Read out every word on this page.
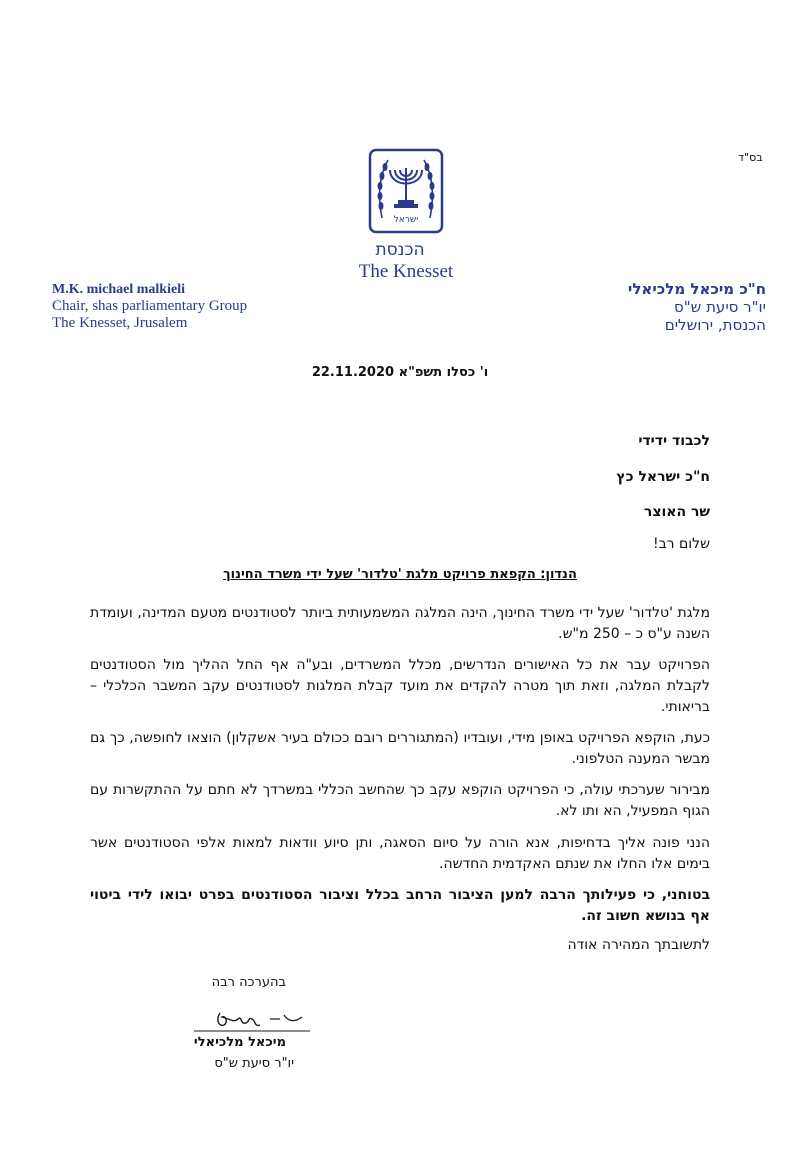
בס"ד
ישראל
הכנסת
The Knesset
M.K. michael malkieli
Chair, shas parliamentary Group
The Knesset, Jrusalem
ח"כ מיכאל מלכיאלי
יו"ר סיעת ש"ס
הכנסת, ירושלים
ו' כסלו תשפ"א 22.11.2020
לכבוד ידידי
ח"כ ישראל כץ
שר האוצר
שלום רב!
הנדון: הקפאת פרויקט מלגת 'טלדור' שעל ידי משרד החינוך
מלגת 'טלדור' שעל ידי משרד החינוך, הינה המלגה המשמעותית ביותר לסטודנטים מטעם המדינה, ועומדת השנה ע"ס כ – 250 מ"ש.
הפרויקט עבר את כל האישורים הנדרשים, מכלל המשרדים, ובע"ה אף החל ההליך מול הסטודנטים לקבלת המלגה, וזאת תוך מטרה להקדים את מועד קבלת המלגות לסטודנטים עקב המשבר הכלכלי – בריאותי.
כעת, הוקפא הפרויקט באופן מידי, ועובדיו (המתגוררים רובם ככולם בעיר אשקלון) הוצאו לחופשה, כך גם מבשר המענה הטלפוני.
מבירור שערכתי עולה, כי הפרויקט הוקפא עקב כך שהחשב הכללי במשרדך לא חתם על ההתקשרות עם הגוף המפעיל, הא ותו לא.
הנני פונה אליך בדחיפות, אנא הורה על סיום הסאגה, ותן סיוע וודאות למאות אלפי הסטודנטים אשר בימים אלו החלו את שנתם האקדמית החדשה.
בטוחני, כי פעילותך הרבה למען הציבור הרחב בכלל וציבור הסטודנטים בפרט יבואו לידי ביטוי אף בנושא חשוב זה.
לתשובתך המהירה אודה
בהערכה רבה
מיכאל מלכיאלי
יו"ר סיעת ש"ס
